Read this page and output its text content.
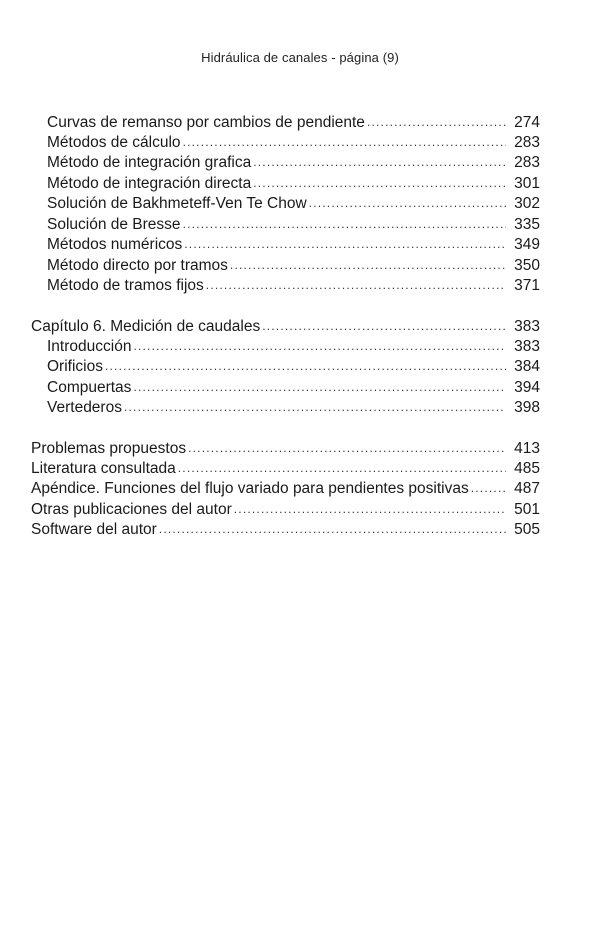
Hidráulica de canales - página (9)
Curvas de remanso por cambios de pendiente .....	274
Métodos de cálculo .....	283
Método de integración grafica .....	283
Método de integración directa .....	301
Solución de Bakhmeteff-Ven Te Chow .....	302
Solución de Bresse .....	335
Métodos numéricos .....	349
Método directo por tramos .....	350
Método de tramos fijos .....	371
Capítulo 6. Medición de caudales .....	383
Introducción .....	383
Orificios .....	384
Compuertas .....	394
Vertederos .....	398
Problemas propuestos .....	413
Literatura consultada .....	485
Apéndice. Funciones del flujo variado para pendientes positivas .....	487
Otras publicaciones del autor .....	501
Software del autor .....	505
